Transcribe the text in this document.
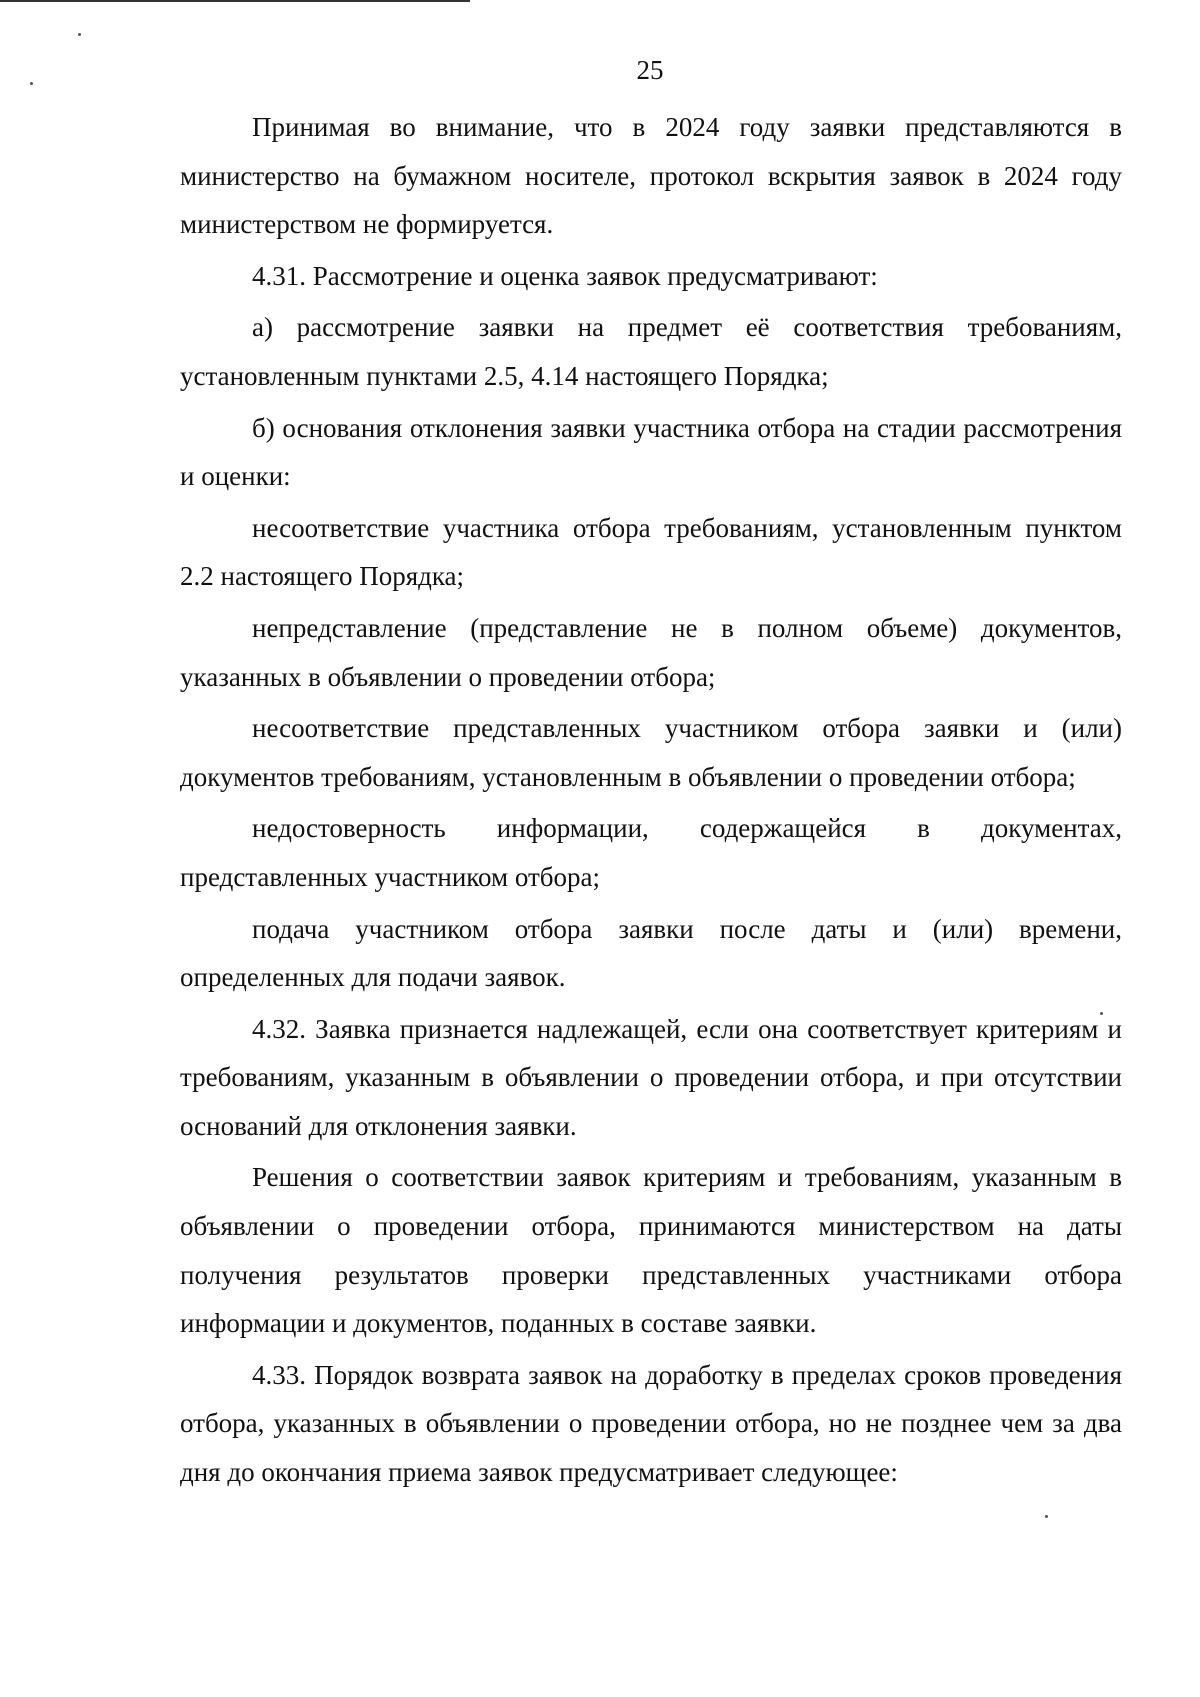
25

Принимая во внимание, что в 2024 году заявки представляются в министерство на бумажном носителе, протокол вскрытия заявок в 2024 году министерством не формируется.

4.31. Рассмотрение и оценка заявок предусматривают:

а) рассмотрение заявки на предмет её соответствия требованиям, установленным пунктами 2.5, 4.14 настоящего Порядка;

б) основания отклонения заявки участника отбора на стадии рассмотрения и оценки:

несоответствие участника отбора требованиям, установленным пунктом 2.2 настоящего Порядка;

непредставление (представление не в полном объеме) документов, указанных в объявлении о проведении отбора;

несоответствие представленных участником отбора заявки и (или) документов требованиям, установленным в объявлении о проведении отбора;

недостоверность информации, содержащейся в документах, представленных участником отбора;

подача участником отбора заявки после даты и (или) времени, определенных для подачи заявок.

4.32. Заявка признается надлежащей, если она соответствует критериям и требованиям, указанным в объявлении о проведении отбора, и при отсутствии оснований для отклонения заявки.

Решения о соответствии заявок критериям и требованиям, указанным в объявлении о проведении отбора, принимаются министерством на даты получения результатов проверки представленных участниками отбора информации и документов, поданных в составе заявки.

4.33. Порядок возврата заявок на доработку в пределах сроков проведения отбора, указанных в объявлении о проведении отбора, но не позднее чем за два дня до окончания приема заявок предусматривает следующее:
